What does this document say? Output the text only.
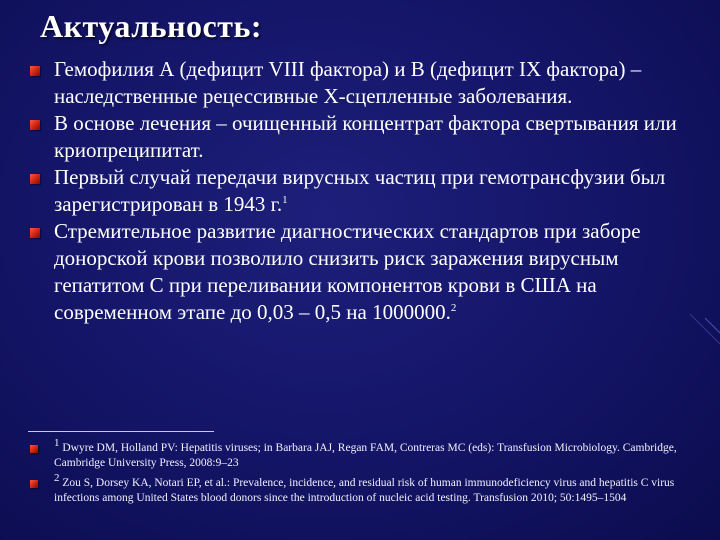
Актуальность:
Гемофилия А (дефицит VIII фактора) и В (дефицит IX фактора) – наследственные рецессивные Х-сцепленные заболевания.
В основе лечения – очищенный концентрат фактора свертывания или криопреципитат.
Первый случай передачи вирусных частиц при гемотрансфузии был зарегистрирован в 1943 г.$^1$
Стремительное развитие диагностических стандартов при заборе донорской крови позволило снизить риск заражения вирусным гепатитом С при переливании компонентов крови в США на современном этапе до 0,03 – 0,5 на 1000000.$^2$
$^1$ Dwyre DM, Holland PV: Hepatitis viruses; in Barbara JAJ, Regan FAM, Contreras MC (eds): Transfusion Microbiology. Cambridge, Cambridge University Press, 2008:9–23
$^2$ Zou S, Dorsey KA, Notari EP, et al.: Prevalence, incidence, and residual risk of human immunodeficiency virus and hepatitis C virus infections among United States blood donors since the introduction of nucleic acid testing. Transfusion 2010; 50:1495–1504
